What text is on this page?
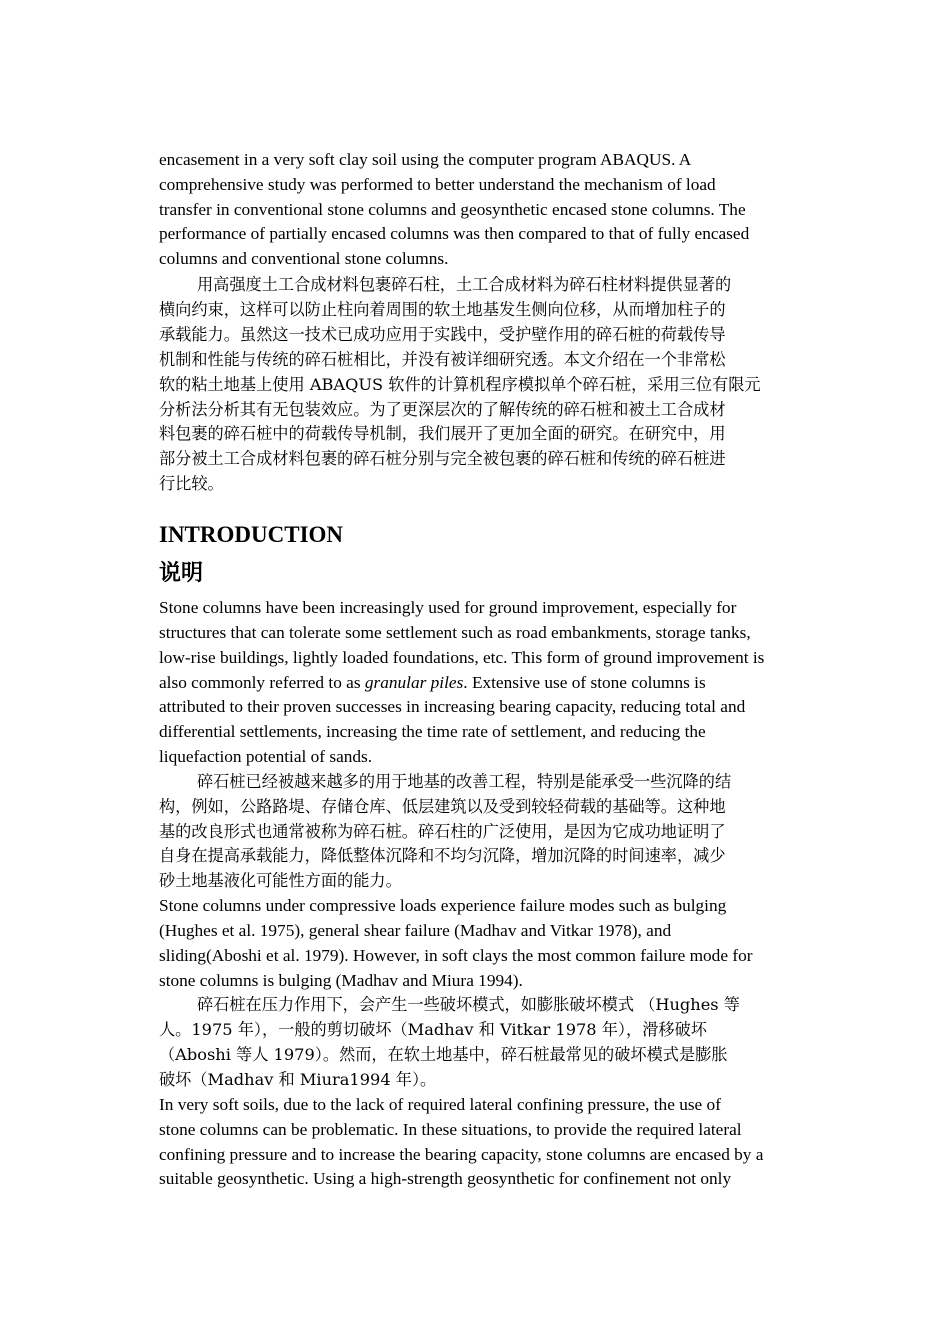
encasement in a very soft clay soil using the computer program ABAQUS. A
comprehensive study was performed to better understand the mechanism of load
transfer in conventional stone columns and geosynthetic encased stone columns. The
performance of partially encased columns was then compared to that of fully encased
columns and conventional stone columns.
用高强度土工合成材料包裹碎石柱，土工合成材料为碎石柱材料提供显著的
横向约束，这样可以防止柱向着周围的软土地基发生侧向位移，从而增加柱子的
承载能力。虽然这一技术已成功应用于实践中，受护壁作用的碎石桩的荷载传导
机制和性能与传统的碎石桩相比，并没有被详细研究透。本文介绍在一个非常松
软的粘土地基上使用 ABAQUS 软件的计算机程序模拟单个碎石桩，采用三位有限元
分析法分析其有无包装效应。为了更深层次的了解传统的碎石桩和被土工合成材
料包裹的碎石桩中的荷载传导机制，我们展开了更加全面的研究。在研究中，用
部分被土工合成材料包裹的碎石桩分别与完全被包裹的碎石桩和传统的碎石桩进
行比较。
INTRODUCTION
说明
Stone columns have been increasingly used for ground improvement, especially for
structures that can tolerate some settlement such as road embankments, storage tanks,
low-rise buildings, lightly loaded foundations, etc. This form of ground improvement is
also commonly referred to as granular piles. Extensive use of stone columns is
attributed to their proven successes in increasing bearing capacity, reducing total and
differential settlements, increasing the time rate of settlement, and reducing the
liquefaction potential of sands.
碎石桩已经被越来越多的用于地基的改善工程，特别是能承受一些沉降的结
构，例如，公路路堤、存储仓库、低层建筑以及受到较轻荷载的基础等。这种地
基的改良形式也通常被称为碎石桩。碎石柱的广泛使用，是因为它成功地证明了
自身在提高承载能力，降低整体沉降和不均匀沉降，增加沉降的时间速率，减少
砂土地基液化可能性方面的能力。
Stone columns under compressive loads experience failure modes such as bulging
(Hughes et al. 1975), general shear failure (Madhav and Vitkar 1978), and
sliding(Aboshi et al. 1979). However, in soft clays the most common failure mode for
stone columns is bulging (Madhav and Miura 1994).
碎石桩在压力作用下，会产生一些破坏模式，如膨胀破坏模式 （Hughes 等
人。1975 年），一般的剪切破坏（Madhav 和 Vitkar 1978 年），滑移破坏
（Aboshi 等人 1979）。然而，在软土地基中，碎石桩最常见的破坏模式是膨胀
破坏（Madhav 和 Miura1994 年）。
In very soft soils, due to the lack of required lateral confining pressure, the use of
stone columns can be problematic. In these situations, to provide the required lateral
confining pressure and to increase the bearing capacity, stone columns are encased by a
suitable geosynthetic. Using a high-strength geosynthetic for confinement not only
